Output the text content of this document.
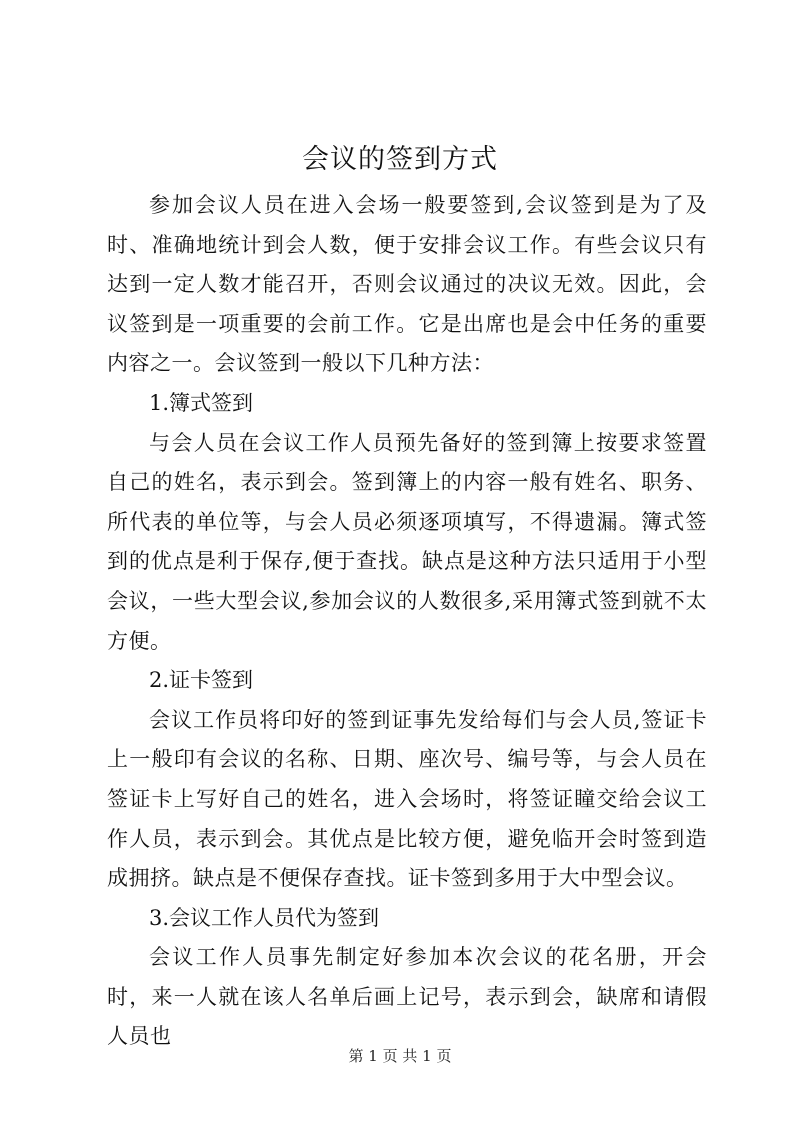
会议的签到方式

参加会议人员在进入会场一般要签到,会议签到是为了及时、准确地统计到会人数，便于安排会议工作。有些会议只有达到一定人数才能召开，否则会议通过的决议无效。因此，会议签到是一项重要的会前工作。它是出席也是会中任务的重要内容之一。会议签到一般以下几种方法：

1.簿式签到

与会人员在会议工作人员预先备好的签到簿上按要求签置自己的姓名，表示到会。签到簿上的内容一般有姓名、职务、所代表的单位等，与会人员必须逐项填写，不得遗漏。簿式签到的优点是利于保存,便于查找。缺点是这种方法只适用于小型会议，一些大型会议,参加会议的人数很多,采用簿式签到就不太方便。

2.证卡签到

会议工作员将印好的签到证事先发给每们与会人员,签证卡上一般印有会议的名称、日期、座次号、编号等，与会人员在签证卡上写好自己的姓名，进入会场时，将签证瞳交给会议工作人员，表示到会。其优点是比较方便，避免临开会时签到造成拥挤。缺点是不便保存查找。证卡签到多用于大中型会议。

3.会议工作人员代为签到

会议工作人员事先制定好参加本次会议的花名册，开会时，来一人就在该人名单后画上记号，表示到会，缺席和请假人员也

第 1 页 共 1 页
